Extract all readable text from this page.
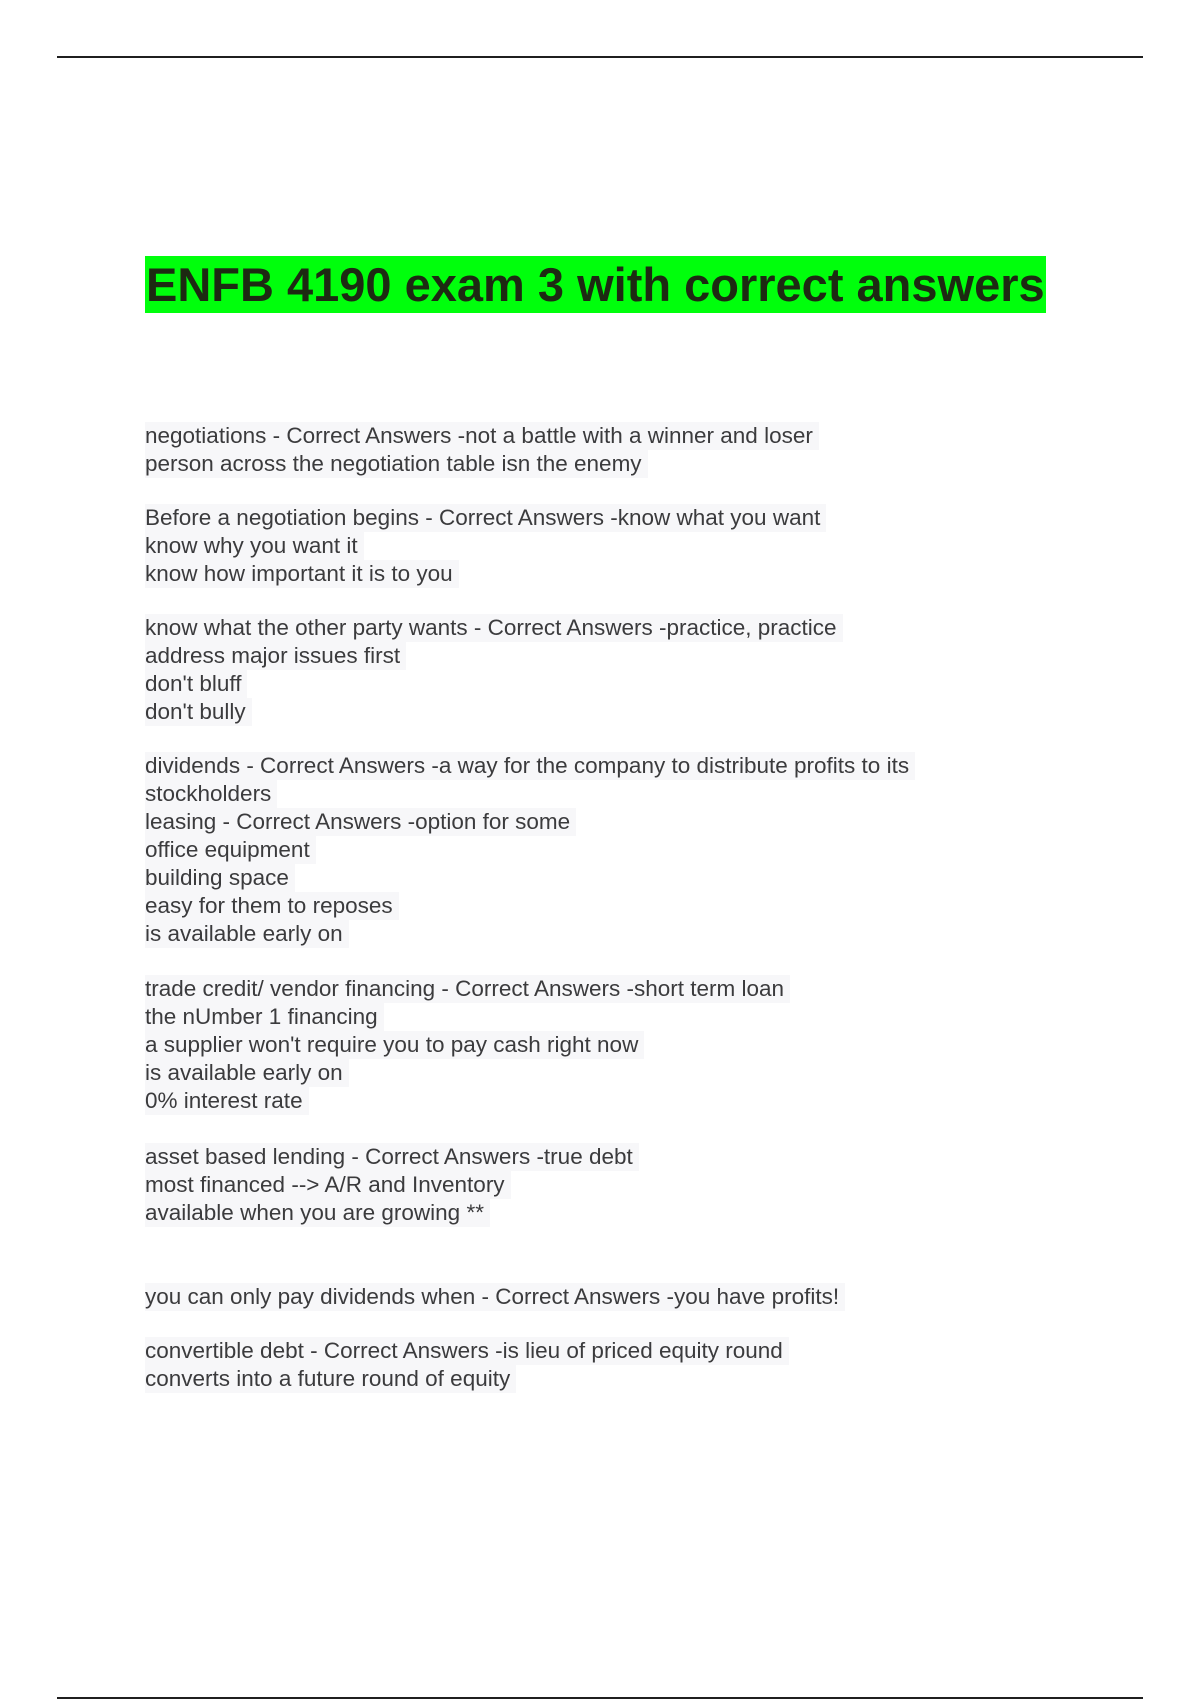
ENFB 4190 exam 3 with correct answers
negotiations - Correct Answers -not a battle with a winner and loser
person across the negotiation table isn the enemy
Before a negotiation begins - Correct Answers -know what you want
know why you want it
know how important it is to you
know what the other party wants - Correct Answers -practice, practice
address major issues first
don't bluff
don't bully
dividends - Correct Answers -a way for the company to distribute profits to its
stockholders
leasing - Correct Answers -option for some
office equipment
building space
easy for them to reposes
is available early on
trade credit/ vendor financing - Correct Answers -short term loan
the nUmber 1 financing
a supplier won't require you to pay cash right now
is available early on
0% interest rate
asset based lending - Correct Answers -true debt
most financed --> A/R and Inventory
available when you are growing **
you can only pay dividends when - Correct Answers -you have profits!
convertible debt - Correct Answers -is lieu of priced equity round
converts into a future round of equity
